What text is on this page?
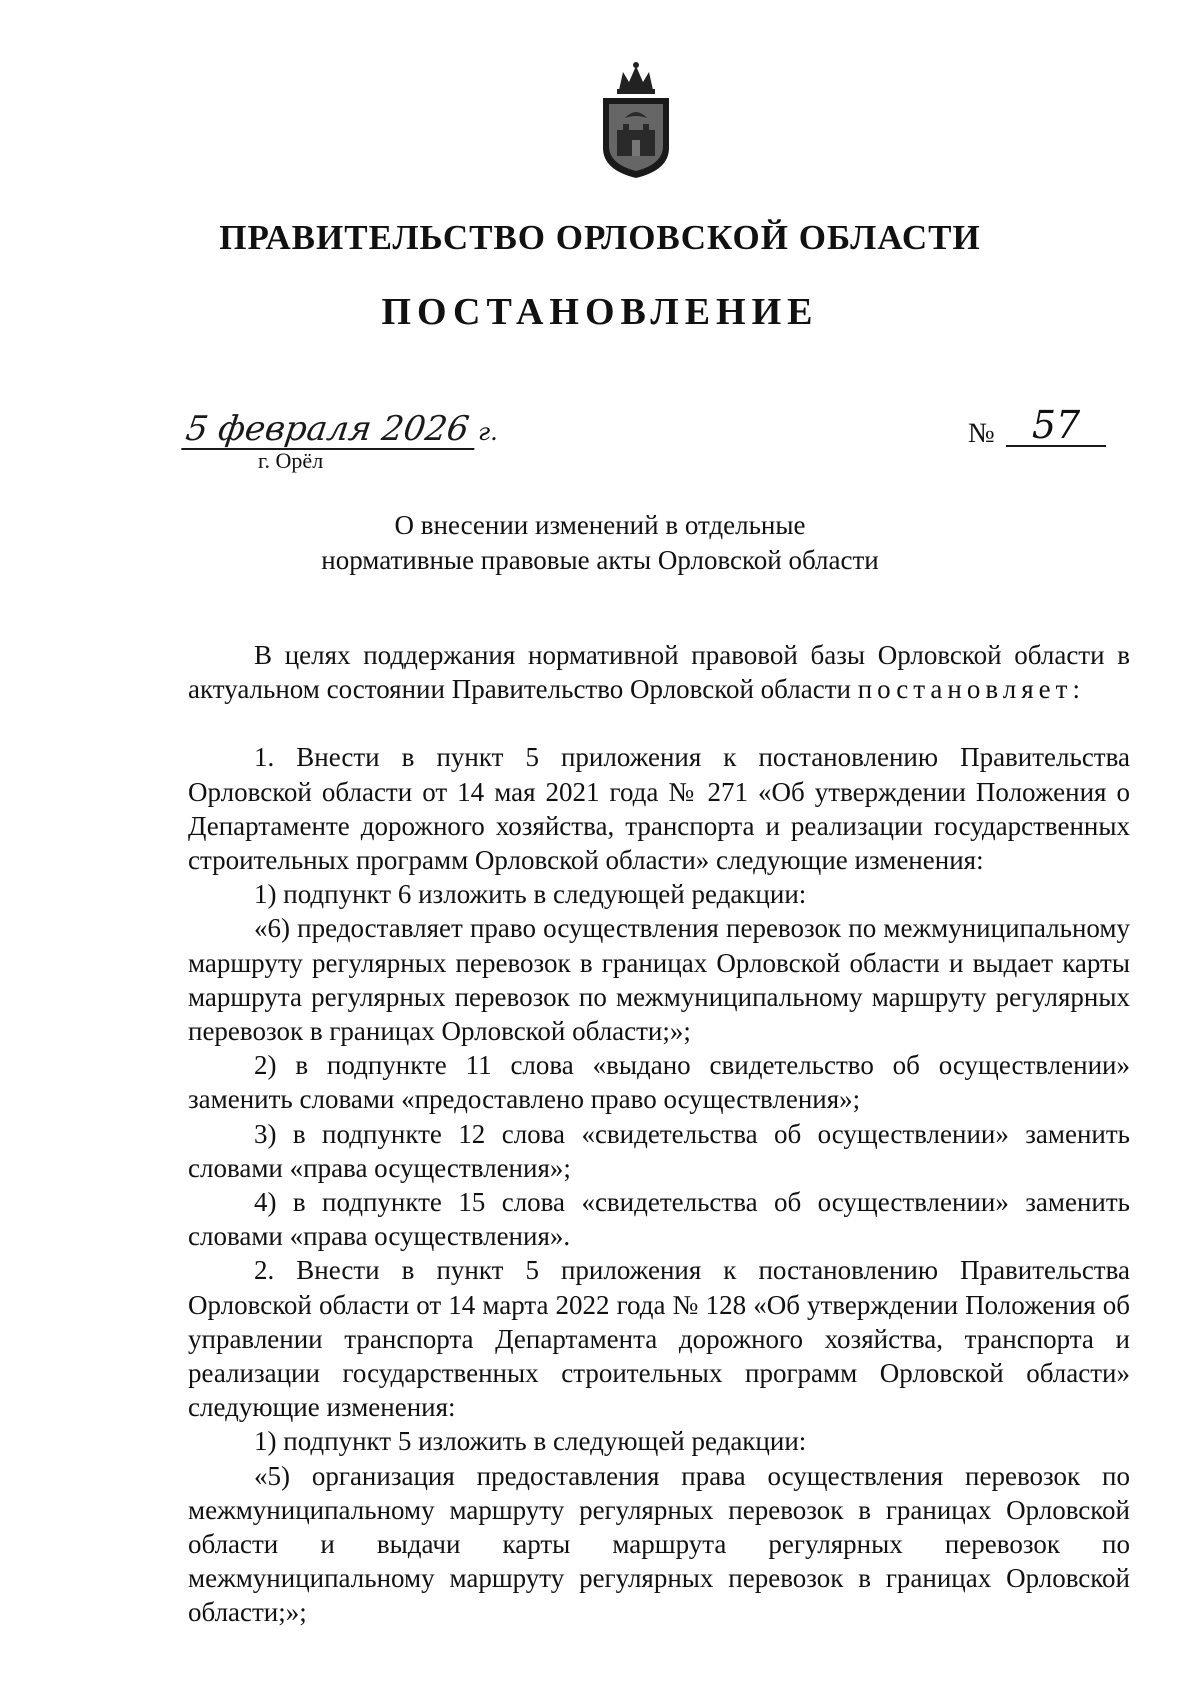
ПРАВИТЕЛЬСТВО ОРЛОВСКОЙ ОБЛАСТИ
ПОСТАНОВЛЕНИЕ
5 февраля 2026 г.
г. Орёл
№ 57
О внесении изменений в отдельные
нормативные правовые акты Орловской области

В целях поддержания нормативной правовой базы Орловской области в актуальном состоянии Правительство Орловской области постановляет:

1. Внести в пункт 5 приложения к постановлению Правительства Орловской области от 14 мая 2021 года № 271 «Об утверждении Положения о Департаменте дорожного хозяйства, транспорта и реализации государственных строительных программ Орловской области» следующие изменения:

1) подпункт 6 изложить в следующей редакции:

«6) предоставляет право осуществления перевозок по межмуниципальному маршруту регулярных перевозок в границах Орловской области и выдает карты маршрута регулярных перевозок по межмуниципальному маршруту регулярных перевозок в границах Орловской области;»;

2) в подпункте 11 слова «выдано свидетельство об осуществлении» заменить словами «предоставлено право осуществления»;

3) в подпункте 12 слова «свидетельства об осуществлении» заменить словами «права осуществления»;

4) в подпункте 15 слова «свидетельства об осуществлении» заменить словами «права осуществления».

2. Внести в пункт 5 приложения к постановлению Правительства Орловской области от 14 марта 2022 года № 128 «Об утверждении Положения об управлении транспорта Департамента дорожного хозяйства, транспорта и реализации государственных строительных программ Орловской области» следующие изменения:

1) подпункт 5 изложить в следующей редакции:

«5) организация предоставления права осуществления перевозок по межмуниципальному маршруту регулярных перевозок в границах Орловской области и выдачи карты маршрута регулярных перевозок по межмуниципальному маршруту регулярных перевозок в границах Орловской области;»;
